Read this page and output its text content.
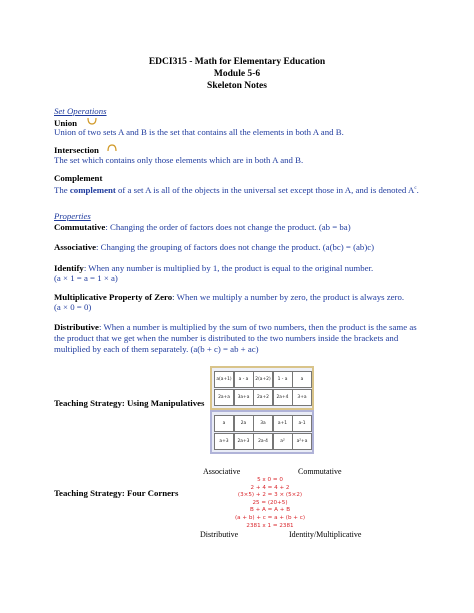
EDCI315 - Math for Elementary Education
Module 5-6
Skeleton Notes
Set Operations
Union
Union of two sets A and B is the set that contains all the elements in both A and B.
Intersection
The set which contains only those elements which are in both A and B.
Complement
The complement of a set A is all of the objects in the universal set except those in A, and is denoted $A^c$.
Properties
Commutative: Changing the order of factors does not change the product. (ab = ba)
Associative: Changing the grouping of factors does not change the product. (a(bc) = (ab)c)
Identify: When any number is multiplied by 1, the product is equal to the original number.
(a × 1 = a = 1 × a)
Multiplicative Property of Zero: When we multiply a number by zero, the product is always zero.
(a × 0 = 0)
Distributive: When a number is multiplied by the sum of two numbers, then the product is the same as the product that we get when the number is distributed to the two numbers inside the brackets and multiplied by each of them separately. (a(b + c) = ab + ac)
Teaching Strategy: Using Manipulatives
a(a+1)	a - a	2(a+2)	1 - a	a
2a+a	3a+a	2a+2	2a+4	3+a
a	2a	3a	a+1	a-1
a+3	2a+3	2a-4	a²	a²+a
Teaching Strategy: Four Corners
Associative	Commutative
Distributive	Identity/Multiplicative
5 x 0 = 0
2 + 4 = 4 + 2
(3×5) + 2 = 3 × (5×2)
25 = (20+5)
B + A = A + B
(a + b) + c = a + (b + c)
2381 x 1 = 2381
